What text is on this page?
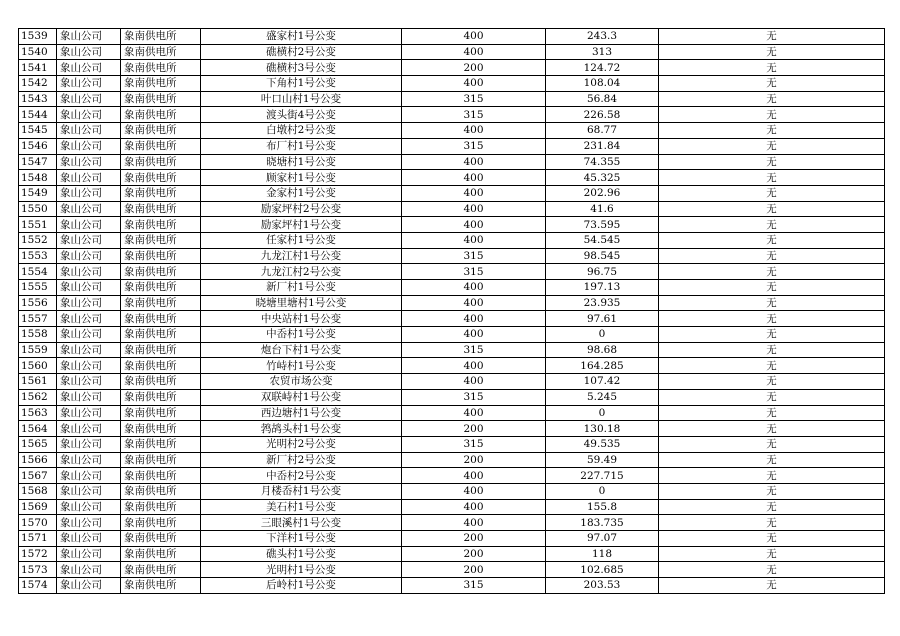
1539	象山公司	象南供电所	盛家村1号公变	400	243.3	无
1540	象山公司	象南供电所	礁横村2号公变	400	313	无
1541	象山公司	象南供电所	礁横村3号公变	200	124.72	无
1542	象山公司	象南供电所	下角村1号公变	400	108.04	无
1543	象山公司	象南供电所	叶口山村1号公变	315	56.84	无
1544	象山公司	象南供电所	渡头街4号公变	315	226.58	无
1545	象山公司	象南供电所	白墩村2号公变	400	68.77	无
1546	象山公司	象南供电所	布厂村1号公变	315	231.84	无
1547	象山公司	象南供电所	晓塘村1号公变	400	74.355	无
1548	象山公司	象南供电所	顾家村1号公变	400	45.325	无
1549	象山公司	象南供电所	金家村1号公变	400	202.96	无
1550	象山公司	象南供电所	励家坪村2号公变	400	41.6	无
1551	象山公司	象南供电所	励家坪村1号公变	400	73.595	无
1552	象山公司	象南供电所	任家村1号公变	400	54.545	无
1553	象山公司	象南供电所	九龙江村1号公变	315	98.545	无
1554	象山公司	象南供电所	九龙江村2号公变	315	96.75	无
1555	象山公司	象南供电所	新厂村1号公变	400	197.13	无
1556	象山公司	象南供电所	晓塘里塘村1号公变	400	23.935	无
1557	象山公司	象南供电所	中央站村1号公变	400	97.61	无
1558	象山公司	象南供电所	中岙村1号公变	400	0	无
1559	象山公司	象南供电所	炮台下村1号公变	315	98.68	无
1560	象山公司	象南供电所	竹峙村1号公变	400	164.285	无
1561	象山公司	象南供电所	农贸市场公变	400	107.42	无
1562	象山公司	象南供电所	双联峙村1号公变	315	5.245	无
1563	象山公司	象南供电所	西边塘村1号公变	400	0	无
1564	象山公司	象南供电所	鹁鸪头村1号公变	200	130.18	无
1565	象山公司	象南供电所	光明村2号公变	315	49.535	无
1566	象山公司	象南供电所	新厂村2号公变	200	59.49	无
1567	象山公司	象南供电所	中岙村2号公变	400	227.715	无
1568	象山公司	象南供电所	月楼岙村1号公变	400	0	无
1569	象山公司	象南供电所	美石村1号公变	400	155.8	无
1570	象山公司	象南供电所	三眼溪村1号公变	400	183.735	无
1571	象山公司	象南供电所	下洋村1号公变	200	97.07	无
1572	象山公司	象南供电所	礁头村1号公变	200	118	无
1573	象山公司	象南供电所	光明村1号公变	200	102.685	无
1574	象山公司	象南供电所	后岭村1号公变	315	203.53	无
